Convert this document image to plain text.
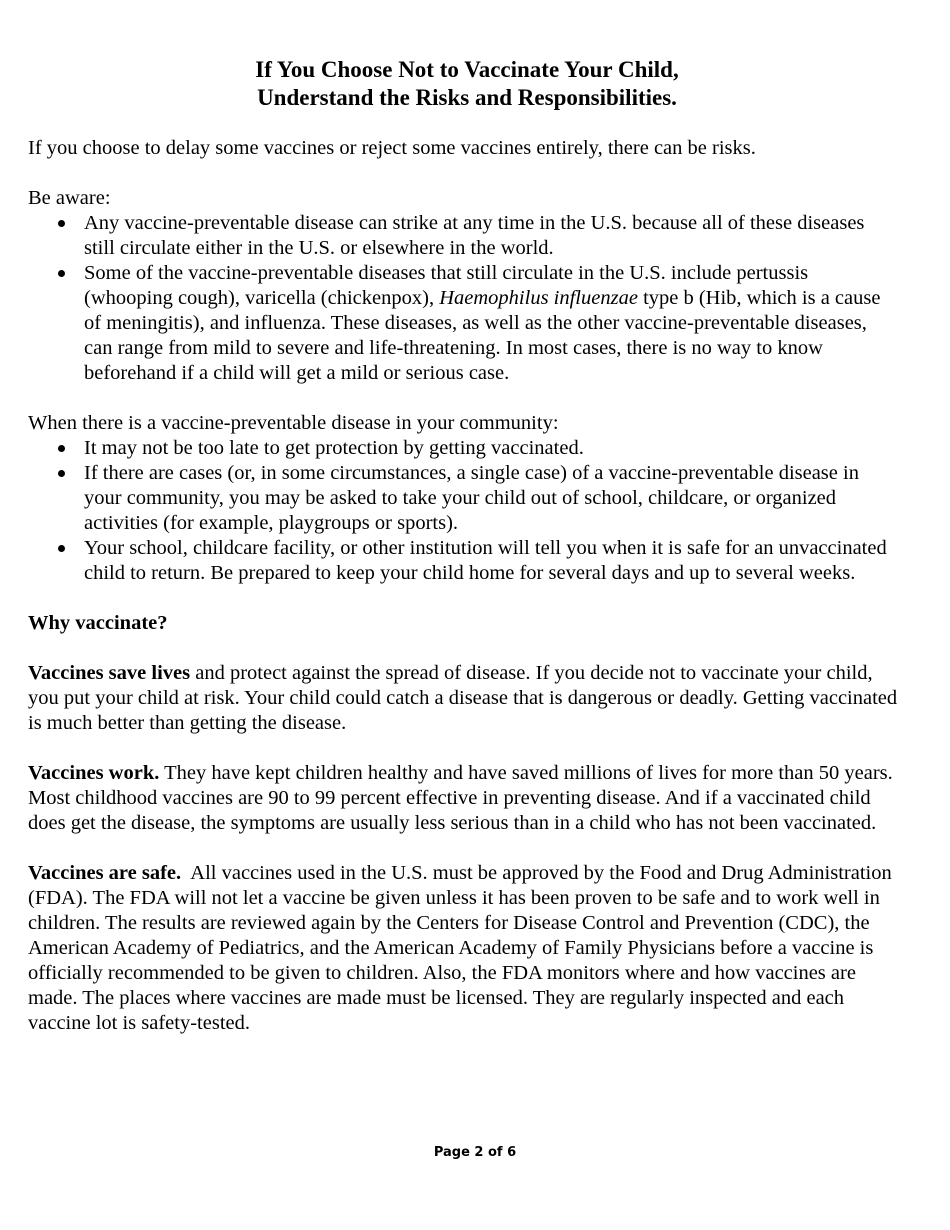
If You Choose Not to Vaccinate Your Child,
Understand the Risks and Responsibilities.

If you choose to delay some vaccines or reject some vaccines entirely, there can be risks.

Be aware:

Any vaccine-preventable disease can strike at any time in the U.S. because all of these diseases still circulate either in the U.S. or elsewhere in the world.
Some of the vaccine-preventable diseases that still circulate in the U.S. include pertussis (whooping cough), varicella (chickenpox), Haemophilus influenzae type b (Hib, which is a cause of meningitis), and influenza. These diseases, as well as the other vaccine-preventable diseases, can range from mild to severe and life-threatening. In most cases, there is no way to know beforehand if a child will get a mild or serious case.

When there is a vaccine-preventable disease in your community:

It may not be too late to get protection by getting vaccinated.
If there are cases (or, in some circumstances, a single case) of a vaccine-preventable disease in your community, you may be asked to take your child out of school, childcare, or organized activities (for example, playgroups or sports).
Your school, childcare facility, or other institution will tell you when it is safe for an unvaccinated child to return. Be prepared to keep your child home for several days and up to several weeks.

Why vaccinate?

Vaccines save lives and protect against the spread of disease. If you decide not to vaccinate your child, you put your child at risk. Your child could catch a disease that is dangerous or deadly. Getting vaccinated is much better than getting the disease.

Vaccines work. They have kept children healthy and have saved millions of lives for more than 50 years. Most childhood vaccines are 90 to 99 percent effective in preventing disease. And if a vaccinated child does get the disease, the symptoms are usually less serious than in a child who has not been vaccinated.

Vaccines are safe.  All vaccines used in the U.S. must be approved by the Food and Drug Administration (FDA). The FDA will not let a vaccine be given unless it has been proven to be safe and to work well in children. The results are reviewed again by the Centers for Disease Control and Prevention (CDC), the American Academy of Pediatrics, and the American Academy of Family Physicians before a vaccine is officially recommended to be given to children. Also, the FDA monitors where and how vaccines are made. The places where vaccines are made must be licensed. They are regularly inspected and each vaccine lot is safety-tested.

Page 2 of 6
